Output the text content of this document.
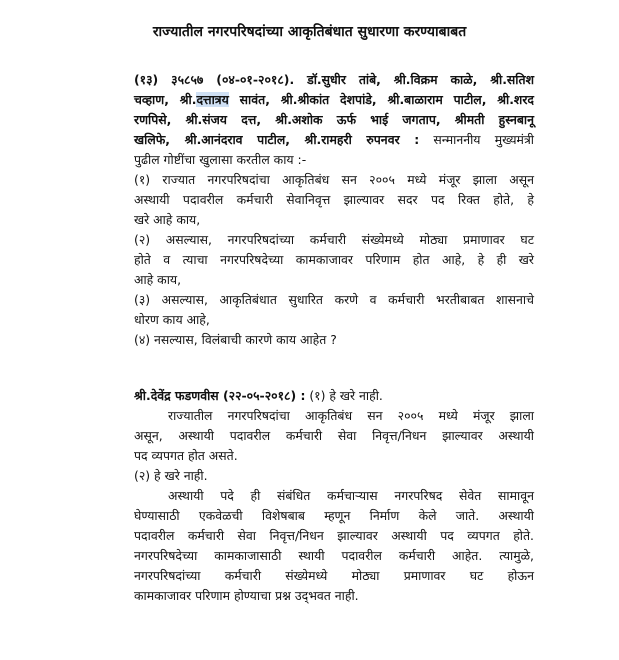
राज्यातील नगरपरिषदांच्या आकृतिबंधात सुधारणा करण्याबाबत

(१३) ३५८५७ (०४-०१-२०१८). डॉ.सुधीर तांबे, श्री.विक्रम काळे, श्री.सतिश

चव्हाण, श्री.दत्तात्रय सावंत, श्री.श्रीकांत देशपांडे, श्री.बाळाराम पाटील, श्री.शरद

रणपिसे, श्री.संजय दत्त, श्री.अशोक ऊर्फ भाई जगताप, श्रीमती हुस्नबानू

खलिफे, श्री.आनंदराव पाटील, श्री.रामहरी रुपनवर : सन्माननीय मुख्यमंत्री

पुढील गोष्टींचा खुलासा करतील काय :-

(१) राज्यात नगरपरिषदांचा आकृतिबंध सन २००५ मध्ये मंजूर झाला असून

अस्थायी पदावरील कर्मचारी सेवानिवृत्त झाल्यावर सदर पद रिक्त होते, हे

खरे आहे काय,

(२) असल्यास, नगरपरिषदांच्या कर्मचारी संख्येमध्ये मोठ्या प्रमाणावर घट

होते व त्याचा नगरपरिषदेच्या कामकाजावर परिणाम होत आहे, हे ही खरे

आहे काय,

(३) असल्यास, आकृतिबंधात सुधारित करणे व कर्मचारी भरतीबाबत शासनाचे

धोरण काय आहे,

(४) नसल्यास, विलंबाची कारणे काय आहेत ?

श्री.देवेंद्र फडणवीस (२२-०५-२०१८) : (१) हे खरे नाही.

राज्यातील नगरपरिषदांचा आकृतिबंध सन २००५ मध्ये मंजूर झाला

असून, अस्थायी पदावरील कर्मचारी सेवा निवृत्त/निधन झाल्यावर अस्थायी

पद व्यपगत होत असते.

(२) हे खरे नाही.

अस्थायी पदे ही संबंधित कर्मचाऱ्यास नगरपरिषद सेवेत सामावून

घेण्यासाठी एकवेळची विशेषबाब म्हणून निर्माण केले जाते. अस्थायी

पदावरील कर्मचारी सेवा निवृत्त/निधन झाल्यावर अस्थायी पद व्यपगत होते.

नगरपरिषदेच्या कामकाजासाठी स्थायी पदावरील कर्मचारी आहेत. त्यामुळे,

नगरपरिषदांच्या कर्मचारी संख्येमध्ये मोठ्या प्रमाणावर घट होऊन

कामकाजावर परिणाम होण्याचा प्रश्न उद्‌भवत नाही.
